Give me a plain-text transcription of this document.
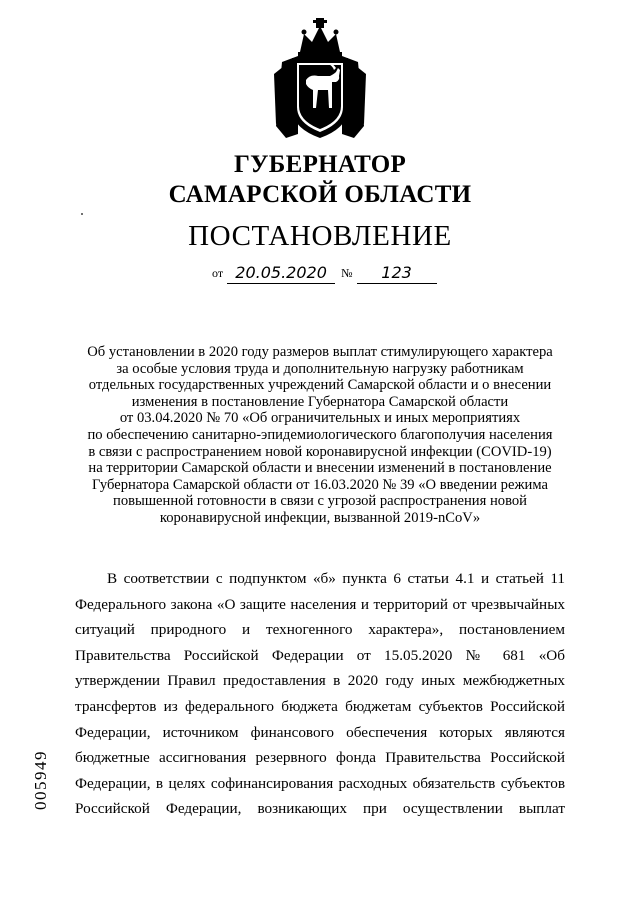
ГУБЕРНАТОР
САМАРСКОЙ ОБЛАСТИ
ПОСТАНОВЛЕНИЕ
от 20.05.2020	№	123
Об установлении в 2020 году размеров выплат стимулирующего характера
за особые условия труда и дополнительную нагрузку работникам
отдельных государственных учреждений Самарской области и о внесении
изменения в постановление Губернатора Самарской области
от 03.04.2020 № 70 «Об ограничительных и иных мероприятиях
по обеспечению санитарно-эпидемиологического благополучия населения
в связи с распространением новой коронавирусной инфекции (COVID-19)
на территории Самарской области и внесении изменений в постановление
Губернатора Самарской области от 16.03.2020 № 39 «О введении режима
повышенной готовности в связи с угрозой распространения новой
коронавирусной инфекции, вызванной 2019-nCoV»
В соответствии с подпунктом «б» пункта 6 статьи 4.1 и статьей 11
Федерального закона «О защите населения и территорий от чрезвычайных
ситуаций природного и техногенного характера», постановлением
Правительства Российской Федерации от 15.05.2020 № 681 «Об
утверждении Правил предоставления в 2020 году иных межбюджетных
трансфертов из федерального бюджета бюджетам субъектов Российской
Федерации, источником финансового обеспечения которых являются
бюджетные ассигнования резервного фонда Правительства Российской
Федерации, в целях софинансирования расходных обязательств субъектов
Российской Федерации, возникающих при осуществлении выплат
005949
